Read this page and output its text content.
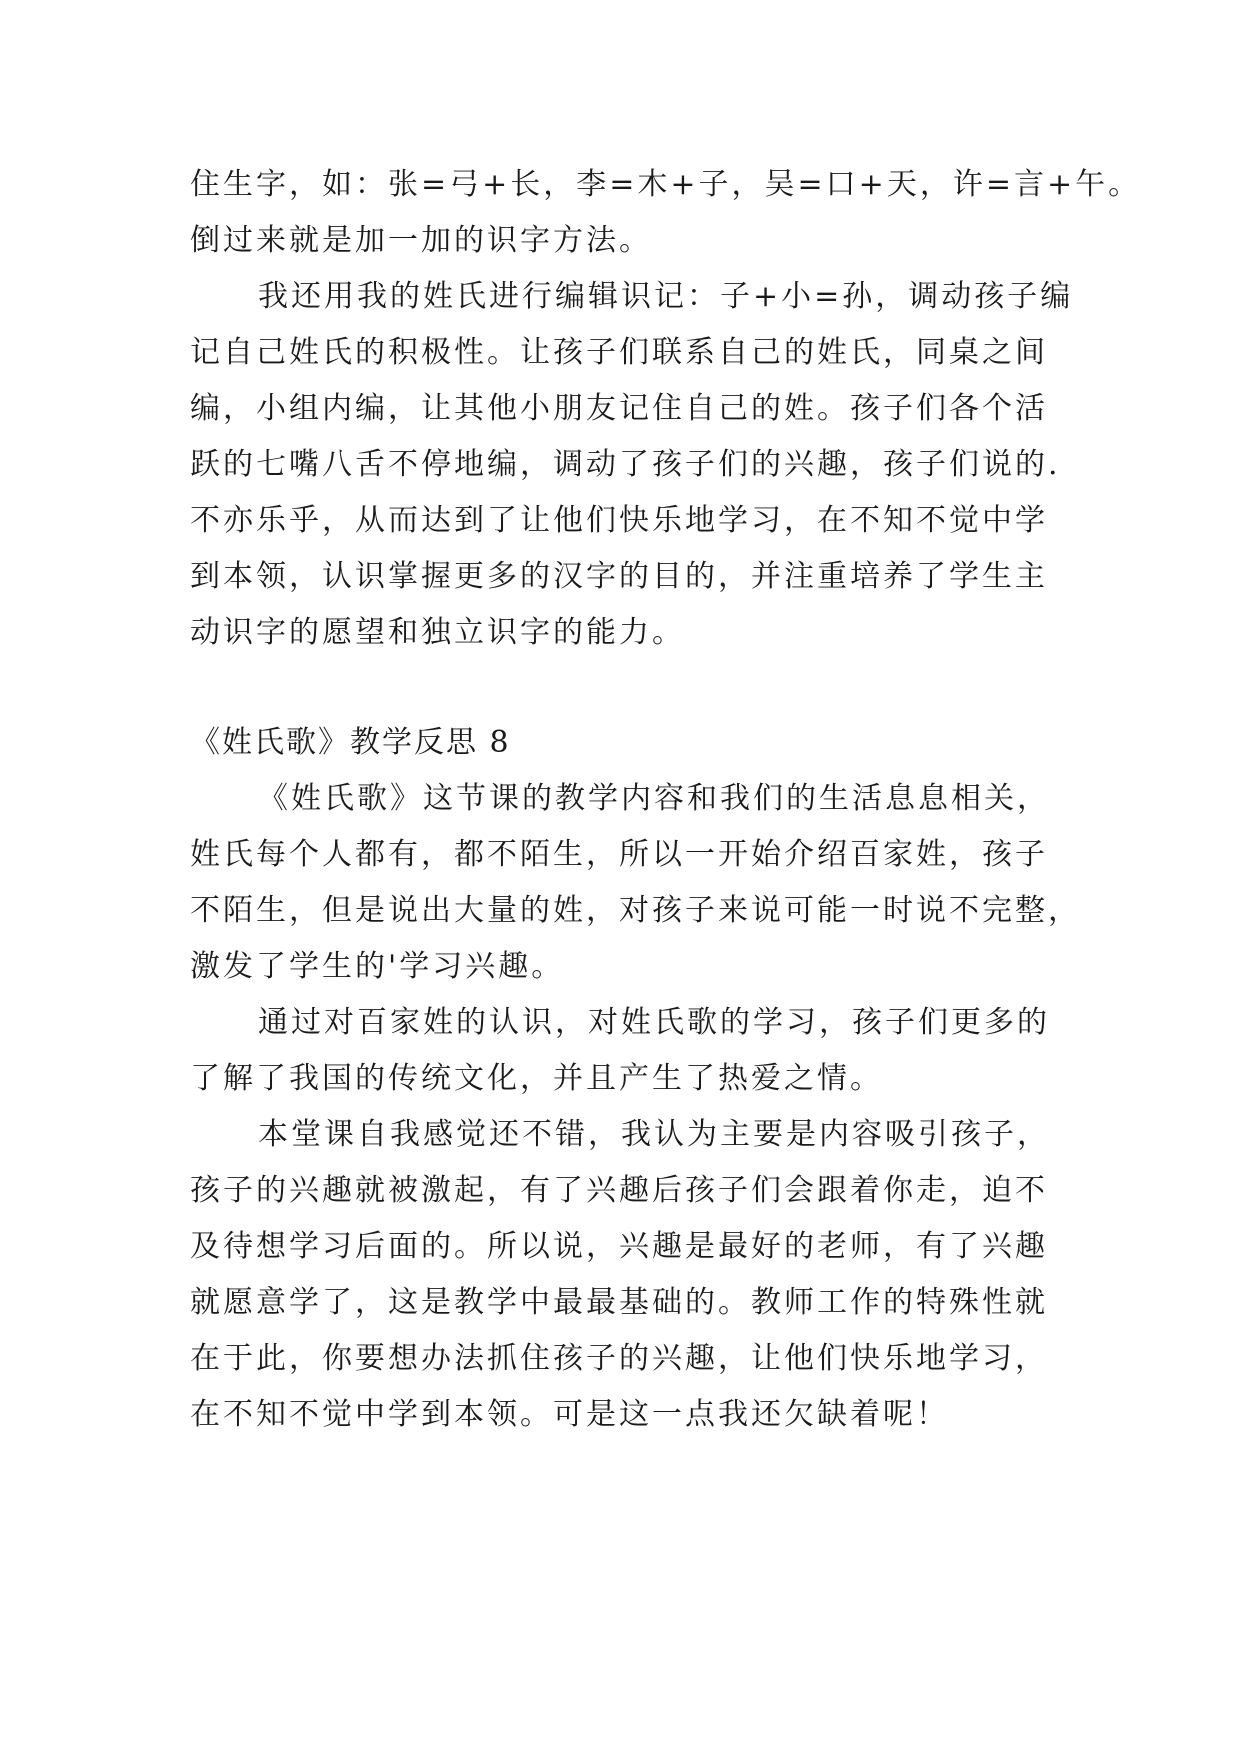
住生字，如：张=弓+长，李=木+子，吴=口+天，许=言+午。
倒过来就是加一加的识字方法。
我还用我的姓氏进行编辑识记：子+小=孙，调动孩子编
记自己姓氏的积极性。让孩子们联系自己的姓氏，同桌之间
编，小组内编，让其他小朋友记住自己的姓。孩子们各个活
跃的七嘴八舌不停地编，调动了孩子们的兴趣，孩子们说的.
不亦乐乎，从而达到了让他们快乐地学习，在不知不觉中学
到本领，认识掌握更多的汉字的目的，并注重培养了学生主
动识字的愿望和独立识字的能力。
《姓氏歌》教学反思 8
《姓氏歌》这节课的教学内容和我们的生活息息相关，
姓氏每个人都有，都不陌生，所以一开始介绍百家姓，孩子
不陌生，但是说出大量的姓，对孩子来说可能一时说不完整，
激发了学生的'学习兴趣。
通过对百家姓的认识，对姓氏歌的学习，孩子们更多的
了解了我国的传统文化，并且产生了热爱之情。
本堂课自我感觉还不错，我认为主要是内容吸引孩子，
孩子的兴趣就被激起，有了兴趣后孩子们会跟着你走，迫不
及待想学习后面的。所以说，兴趣是最好的老师，有了兴趣
就愿意学了，这是教学中最最基础的。教师工作的特殊性就
在于此，你要想办法抓住孩子的兴趣，让他们快乐地学习，
在不知不觉中学到本领。可是这一点我还欠缺着呢！
